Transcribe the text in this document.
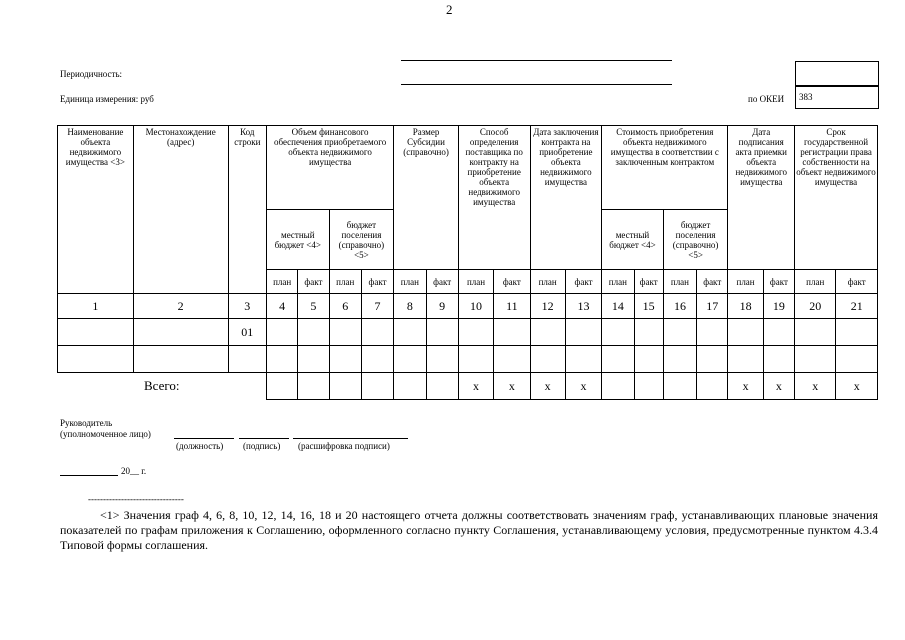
2
Периодичность:
Единица измерения: руб	по ОКЕИ 383
Наименование объекта недвижимого имущества <3>	Местонахождение (адрес)	Код строки	Объем финансового обеспечения приобретаемого объекта недвижимого имущества				Размер Субсидии (справочно)		Способ определения поставщика по контракту на приобретение объекта недвижимого имущества		Дата заключения контракта на приобретение объекта недвижимого имущества		Стоимость приобретения объекта недвижимого имущества в соответствии с заключенным контрактом				Дата подписания акта приемки объекта недвижимого имущества		Срок государственной регистрации права собственности на объект недвижимого имущества	
			местный бюджет <4>		бюджет поселения (справочно) <5>								местный бюджет <4>		бюджет поселения (справочно) <5>					
			план	факт	план	факт	план	факт	план	факт	план	факт	план	факт	план	факт	план	факт	план	факт
1	2	3	4	5	6	7	8	9	10	11	12	13	14	15	16	17	18	19	20	21
		01																		

Всего:									x	x	x	x					x	x	x	x
Руководитель
(уполномоченное лицо)
(должность) (подпись) (расшифровка подписи)
20__ г.
--------------------------------
<1> Значения граф 4, 6, 8, 10, 12, 14, 16, 18 и 20 настоящего отчета должны соответствовать значениям граф, устанавливающих плановые значения показателей по графам приложения к Соглашению, оформленного согласно пункту Соглашения, устанавливающему условия, предусмотренные пунктом 4.3.4 Типовой формы соглашения.
